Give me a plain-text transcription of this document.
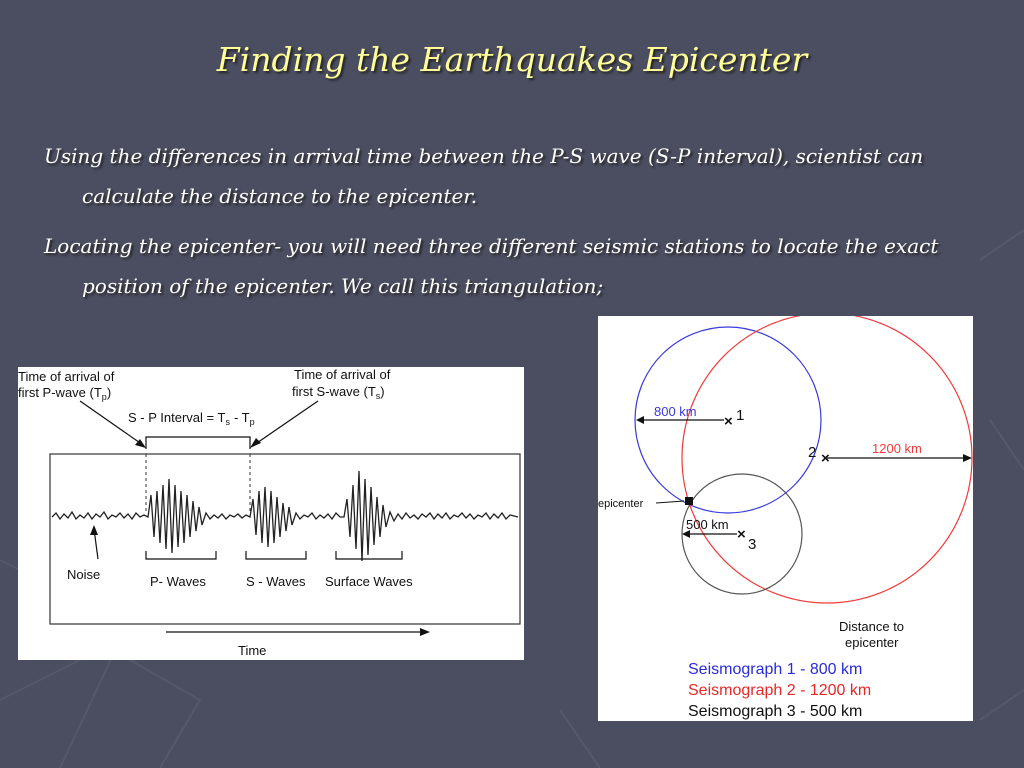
Finding the Earthquakes Epicenter
Using the differences in arrival time between the P-S wave (S-P interval), scientist can
calculate the distance to the epicenter.
Locating the epicenter- you will need three different seismic stations to locate the exact
position of the epicenter. We call this triangulation;
Time of arrival of
first P-wave $(T_p)$
Time of arrival of
first S-wave $(T_s)$
S - P Interval = $T_s - T_p$
Noise	P- Waves	S - Waves Surface Waves
Time
× 1
×
2
×
3
800 km
1200 km
500 km
epicenter
Distance to
epicenter
Seismograph 1 - 800 km
Seismograph 2 - 1200 km
Seismograph 3 - 500 km
